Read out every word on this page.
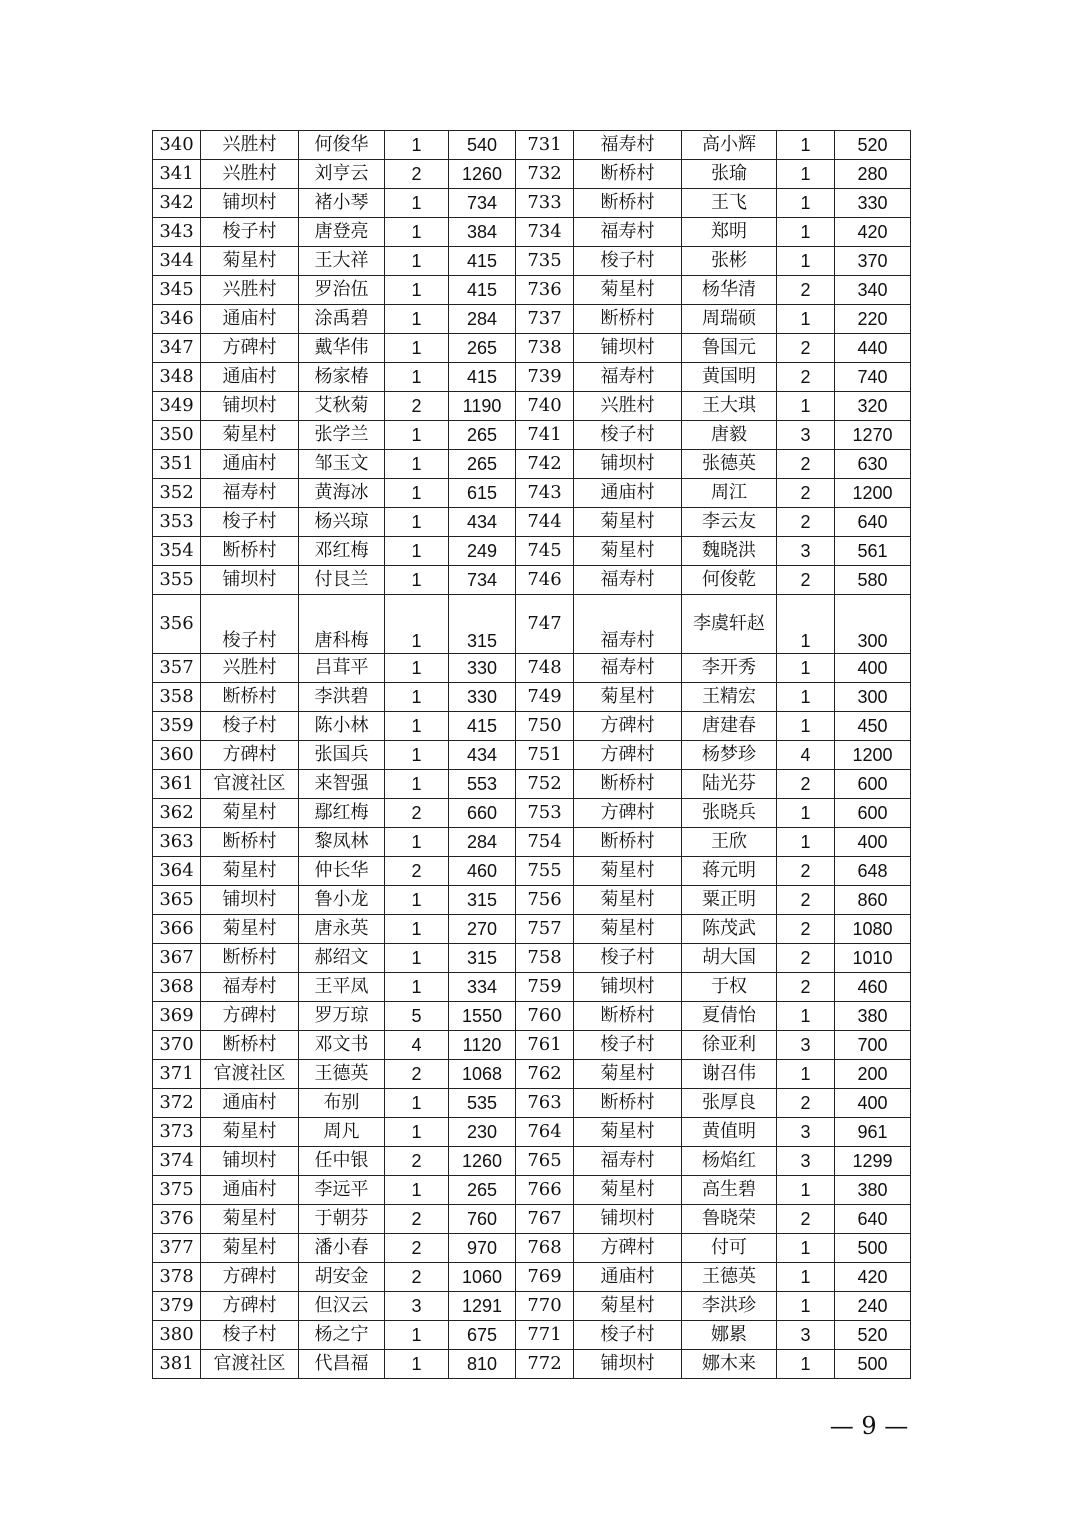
340	兴胜村	何俊华	1	540	731	福寿村	高小辉	1	520
341	兴胜村	刘亨云	2	1260	732	断桥村	张瑜	1	280
342	铺坝村	褚小琴	1	734	733	断桥村	王飞	1	330
343	梭子村	唐登亮	1	384	734	福寿村	郑明	1	420
344	菊星村	王大祥	1	415	735	梭子村	张彬	1	370
345	兴胜村	罗治伍	1	415	736	菊星村	杨华清	2	340
346	通庙村	涂禹碧	1	284	737	断桥村	周瑞硕	1	220
347	方碑村	戴华伟	1	265	738	铺坝村	鲁国元	2	440
348	通庙村	杨家椿	1	415	739	福寿村	黄国明	2	740
349	铺坝村	艾秋菊	2	1190	740	兴胜村	王大琪	1	320
350	菊星村	张学兰	1	265	741	梭子村	唐毅	3	1270
351	通庙村	邹玉文	1	265	742	铺坝村	张德英	2	630
352	福寿村	黄海冰	1	615	743	通庙村	周江	2	1200
353	梭子村	杨兴琼	1	434	744	菊星村	李云友	2	640
354	断桥村	邓红梅	1	249	745	菊星村	魏晓洪	3	561
355	铺坝村	付艮兰	1	734	746	福寿村	何俊乾	2	580
356	梭子村	唐科梅	1	315	747	福寿村	李虞轩赵	1	300
357	兴胜村	吕茸平	1	330	748	福寿村	李开秀	1	400
358	断桥村	李洪碧	1	330	749	菊星村	王精宏	1	300
359	梭子村	陈小林	1	415	750	方碑村	唐建春	1	450
360	方碑村	张国兵	1	434	751	方碑村	杨梦珍	4	1200
361	官渡社区	来智强	1	553	752	断桥村	陆光芬	2	600
362	菊星村	鄢红梅	2	660	753	方碑村	张晓兵	1	600
363	断桥村	黎凤林	1	284	754	断桥村	王欣	1	400
364	菊星村	仲长华	2	460	755	菊星村	蒋元明	2	648
365	铺坝村	鲁小龙	1	315	756	菊星村	粟正明	2	860
366	菊星村	唐永英	1	270	757	菊星村	陈茂武	2	1080
367	断桥村	郝绍文	1	315	758	梭子村	胡大国	2	1010
368	福寿村	王平凤	1	334	759	铺坝村	于权	2	460
369	方碑村	罗万琼	5	1550	760	断桥村	夏倩怡	1	380
370	断桥村	邓文书	4	1120	761	梭子村	徐亚利	3	700
371	官渡社区	王德英	2	1068	762	菊星村	谢召伟	1	200
372	通庙村	布别	1	535	763	断桥村	张厚良	2	400
373	菊星村	周凡	1	230	764	菊星村	黄值明	3	961
374	铺坝村	任中银	2	1260	765	福寿村	杨焰红	3	1299
375	通庙村	李远平	1	265	766	菊星村	高生碧	1	380
376	菊星村	于朝芬	2	760	767	铺坝村	鲁晓荣	2	640
377	菊星村	潘小春	2	970	768	方碑村	付可	1	500
378	方碑村	胡安金	2	1060	769	通庙村	王德英	1	420
379	方碑村	但汉云	3	1291	770	菊星村	李洪珍	1	240
380	梭子村	杨之宁	1	675	771	梭子村	娜累	3	520
381	官渡社区	代昌福	1	810	772	铺坝村	娜木来	1	500
— 9 —
